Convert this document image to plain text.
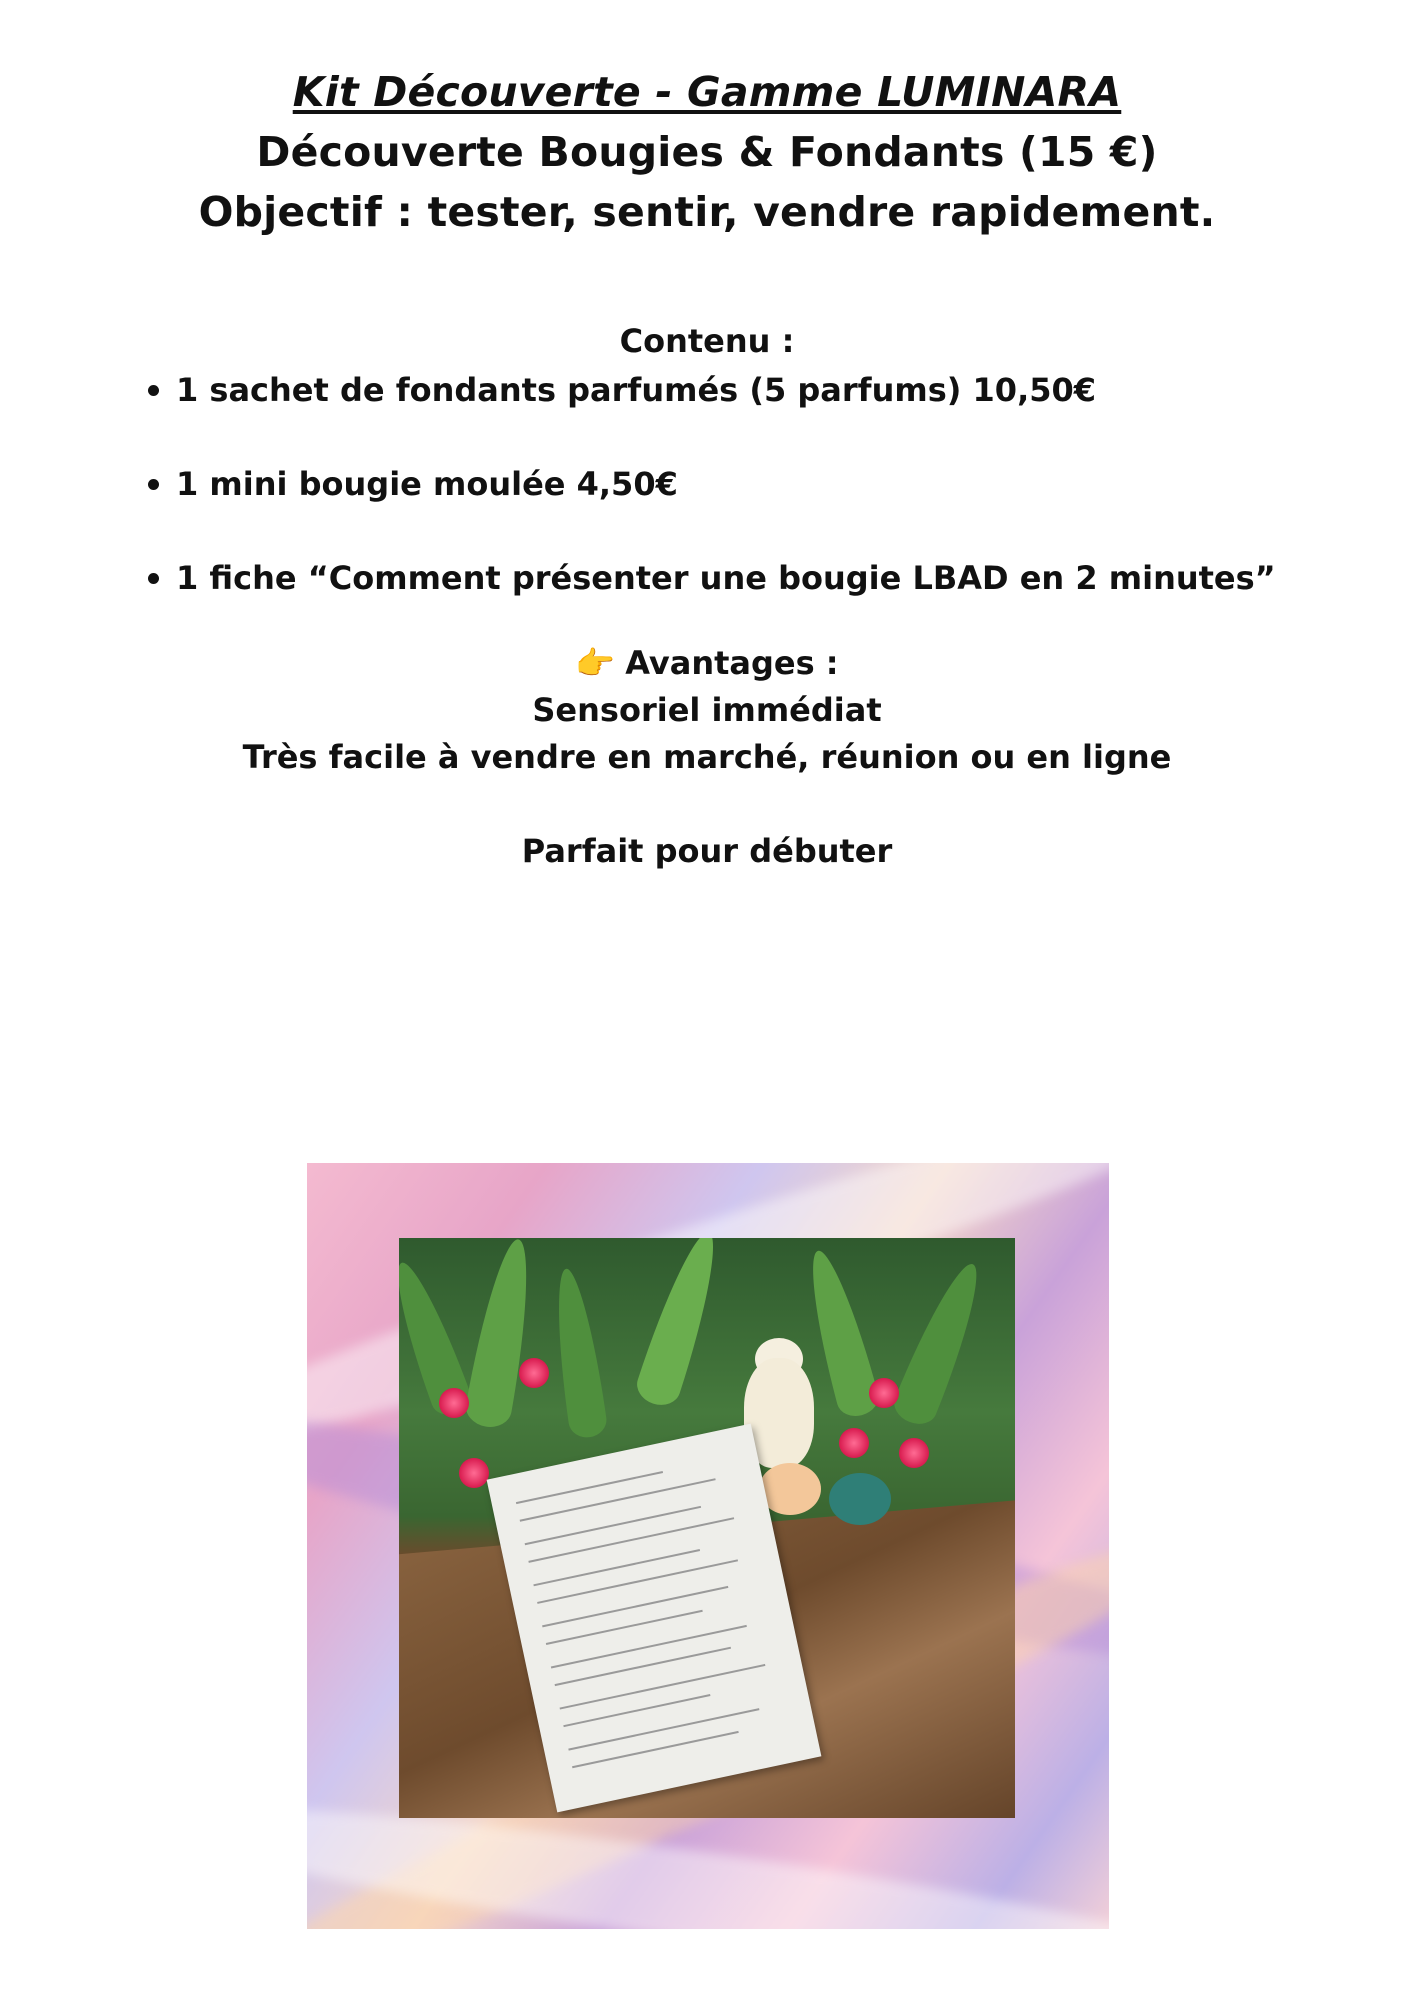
Kit Découverte - Gamme LUMINARA
Découverte Bougies & Fondants (15 €)
Objectif : tester, sentir, vendre rapidement.
Contenu :
1 sachet de fondants parfumés (5 parfums) 10,50€
1 mini bougie moulée 4,50€
1 fiche “Comment présenter une bougie LBAD en 2 minutes”
👉 Avantages :
Sensoriel immédiat
Très facile à vendre en marché, réunion ou en ligne
Parfait pour débuter
